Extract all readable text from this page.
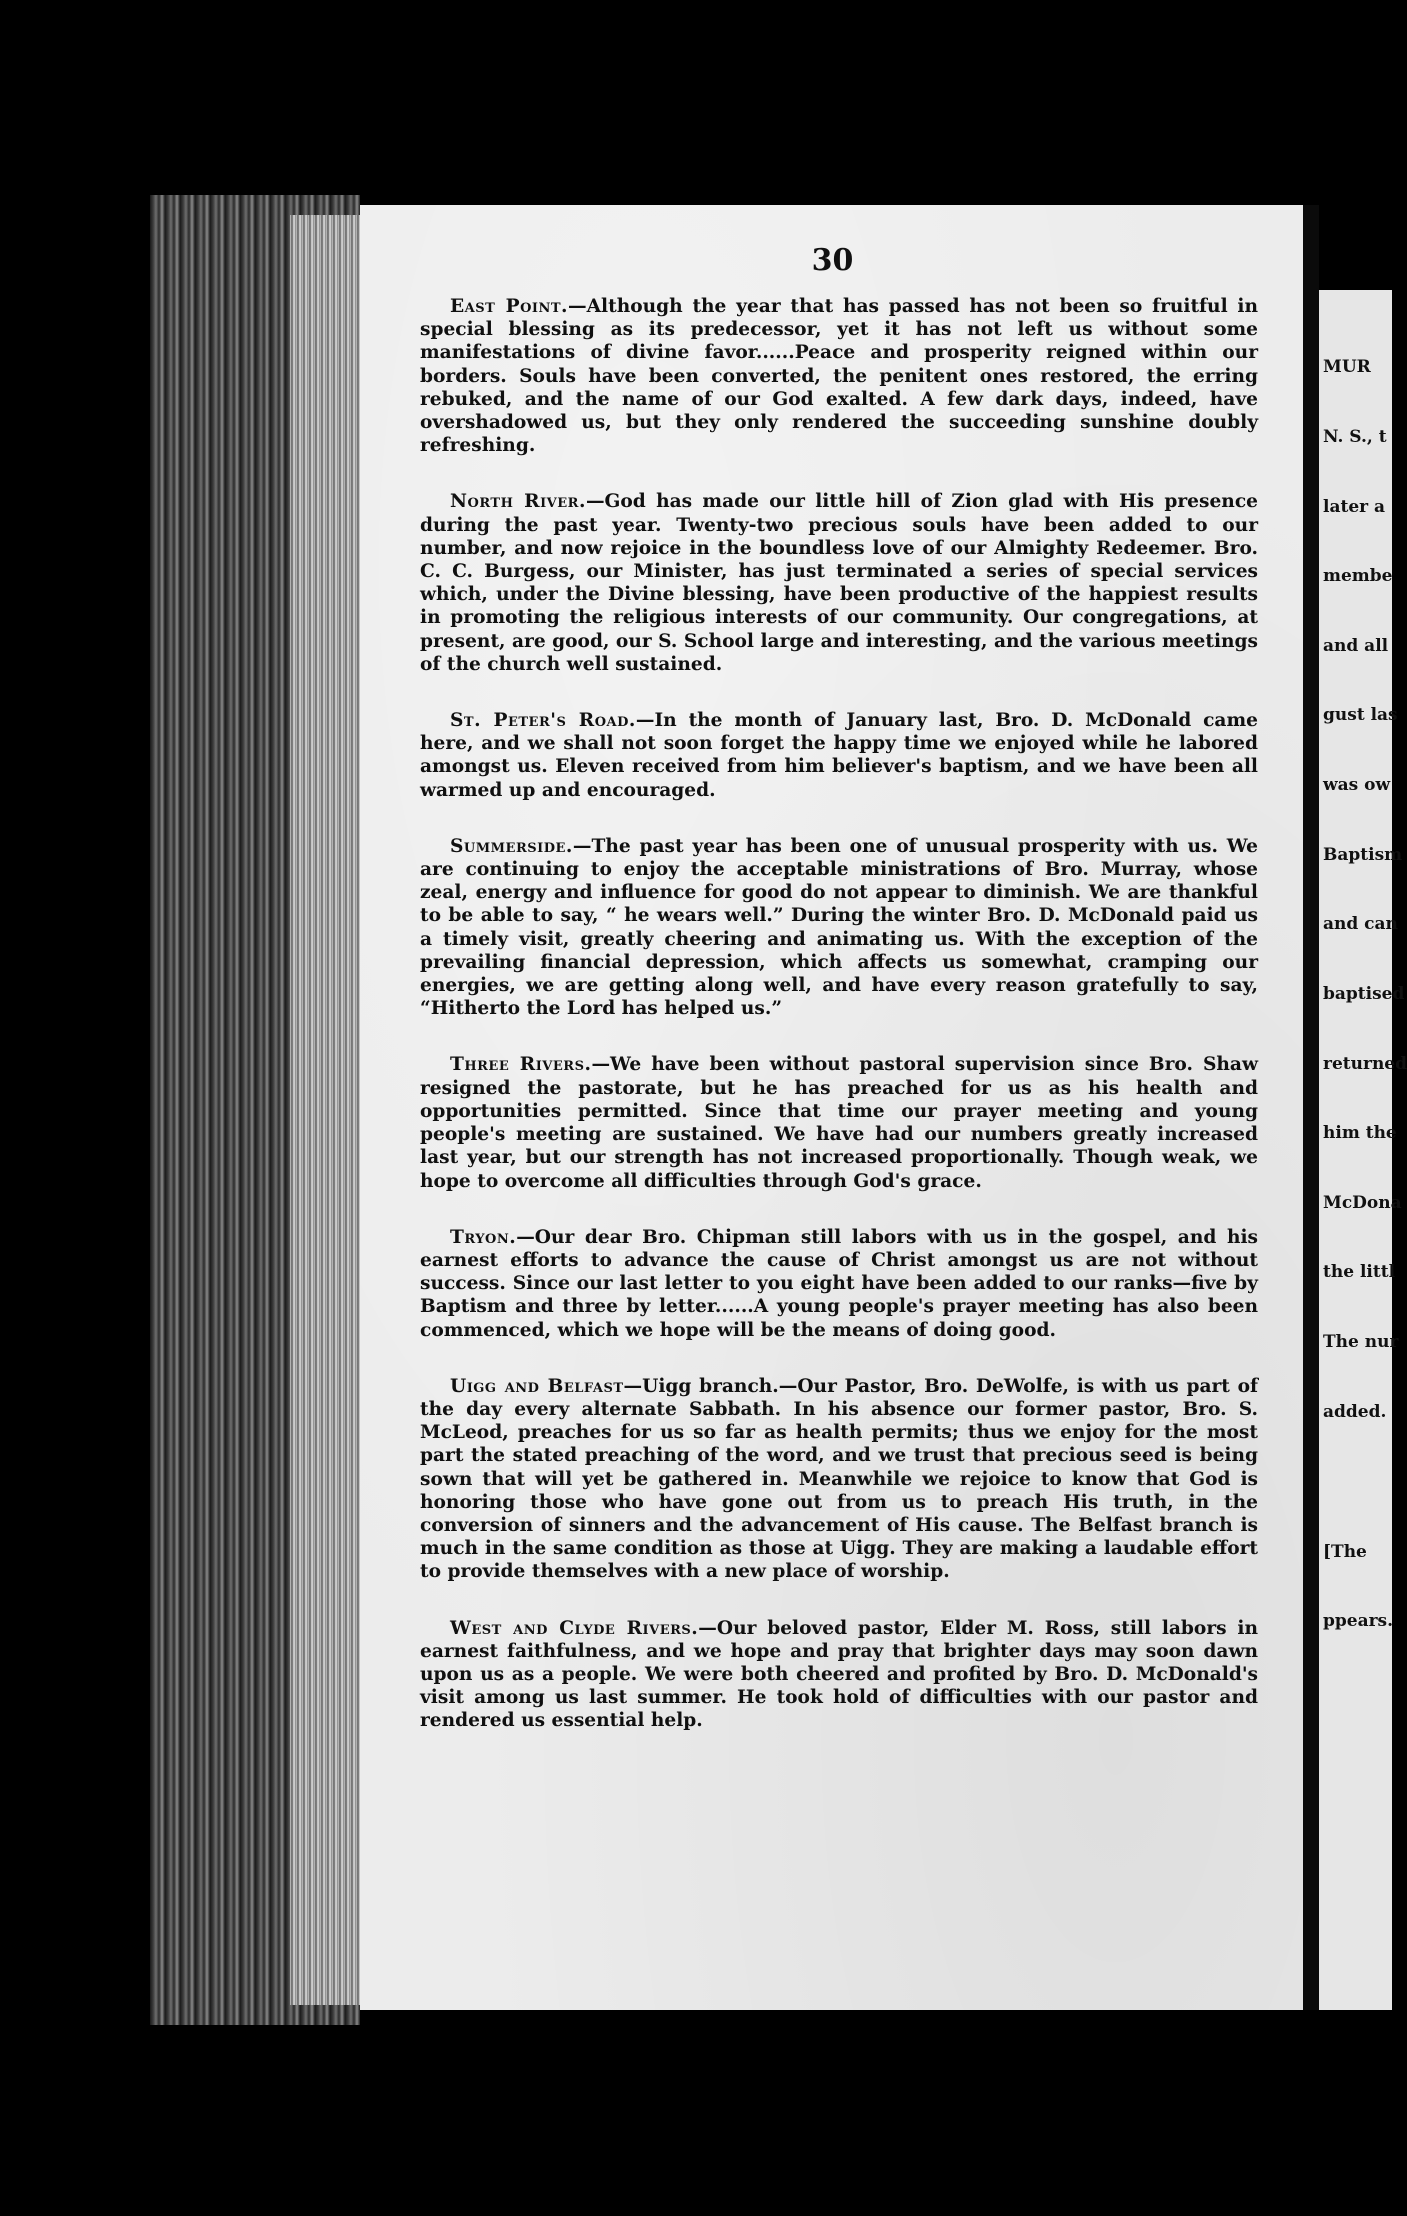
30

East Point.—Although the year that has passed has not been so fruitful in special blessing as its predecessor, yet it has not left us without some manifestations of divine favor......Peace and prosperity reigned within our borders. Souls have been converted, the penitent ones restored, the erring rebuked, and the name of our God exalted. A few dark days, indeed, have overshadowed us, but they only rendered the succeeding sunshine doubly refreshing.

North River.—God has made our little hill of Zion glad with His presence during the past year. Twenty-two precious souls have been added to our number, and now rejoice in the boundless love of our Almighty Redeemer. Bro. C. C. Burgess, our Minister, has just terminated a series of special services which, under the Divine blessing, have been productive of the happiest results in promoting the religious interests of our community. Our congregations, at present, are good, our S. School large and interesting, and the various meetings of the church well sustained.

St. Peter's Road.—In the month of January last, Bro. D. McDonald came here, and we shall not soon forget the happy time we enjoyed while he labored amongst us. Eleven received from him believer's baptism, and we have been all warmed up and encouraged.

Summerside.—The past year has been one of unusual prosperity with us. We are continuing to enjoy the acceptable ministrations of Bro. Murray, whose zeal, energy and influence for good do not appear to diminish. We are thankful to be able to say, “ he wears well.” During the winter Bro. D. McDonald paid us a timely visit, greatly cheering and animating us. With the exception of the prevailing financial depression, which affects us somewhat, cramping our energies, we are getting along well, and have every reason gratefully to say, “Hitherto the Lord has helped us.”

Three Rivers.—We have been without pastoral supervision since Bro. Shaw resigned the pastorate, but he has preached for us as his health and opportunities permitted. Since that time our prayer meeting and young people's meeting are sustained. We have had our numbers greatly increased last year, but our strength has not increased proportionally. Though weak, we hope to overcome all difficulties through God's grace.

Tryon.—Our dear Bro. Chipman still labors with us in the gospel, and his earnest efforts to advance the cause of Christ amongst us are not without success. Since our last letter to you eight have been added to our ranks—five by Baptism and three by letter......A young people's prayer meeting has also been commenced, which we hope will be the means of doing good.

Uigg and Belfast—Uigg branch.—Our Pastor, Bro. DeWolfe, is with us part of the day every alternate Sabbath. In his absence our former pastor, Bro. S. McLeod, preaches for us so far as health permits; thus we enjoy for the most part the stated preaching of the word, and we trust that precious seed is being sown that will yet be gathered in. Meanwhile we rejoice to know that God is honoring those who have gone out from us to preach His truth, in the conversion of sinners and the advancement of His cause. The Belfast branch is much in the same condition as those at Uigg. They are making a laudable effort to provide themselves with a new place of worship.

West and Clyde Rivers.—Our beloved pastor, Elder M. Ross, still labors in earnest faithfulness, and we hope and pray that brighter days may soon dawn upon us as a people. We were both cheered and profited by Bro. D. McDonald's visit among us last summer. He took hold of difficulties with our pastor and rendered us essential help.

MUR

N. S., t

later a

membe

and all

gust las

was ow

Baptism

and can

baptised

returned

him the

McDona

the littl

The nur

added.

[The

ppears.
